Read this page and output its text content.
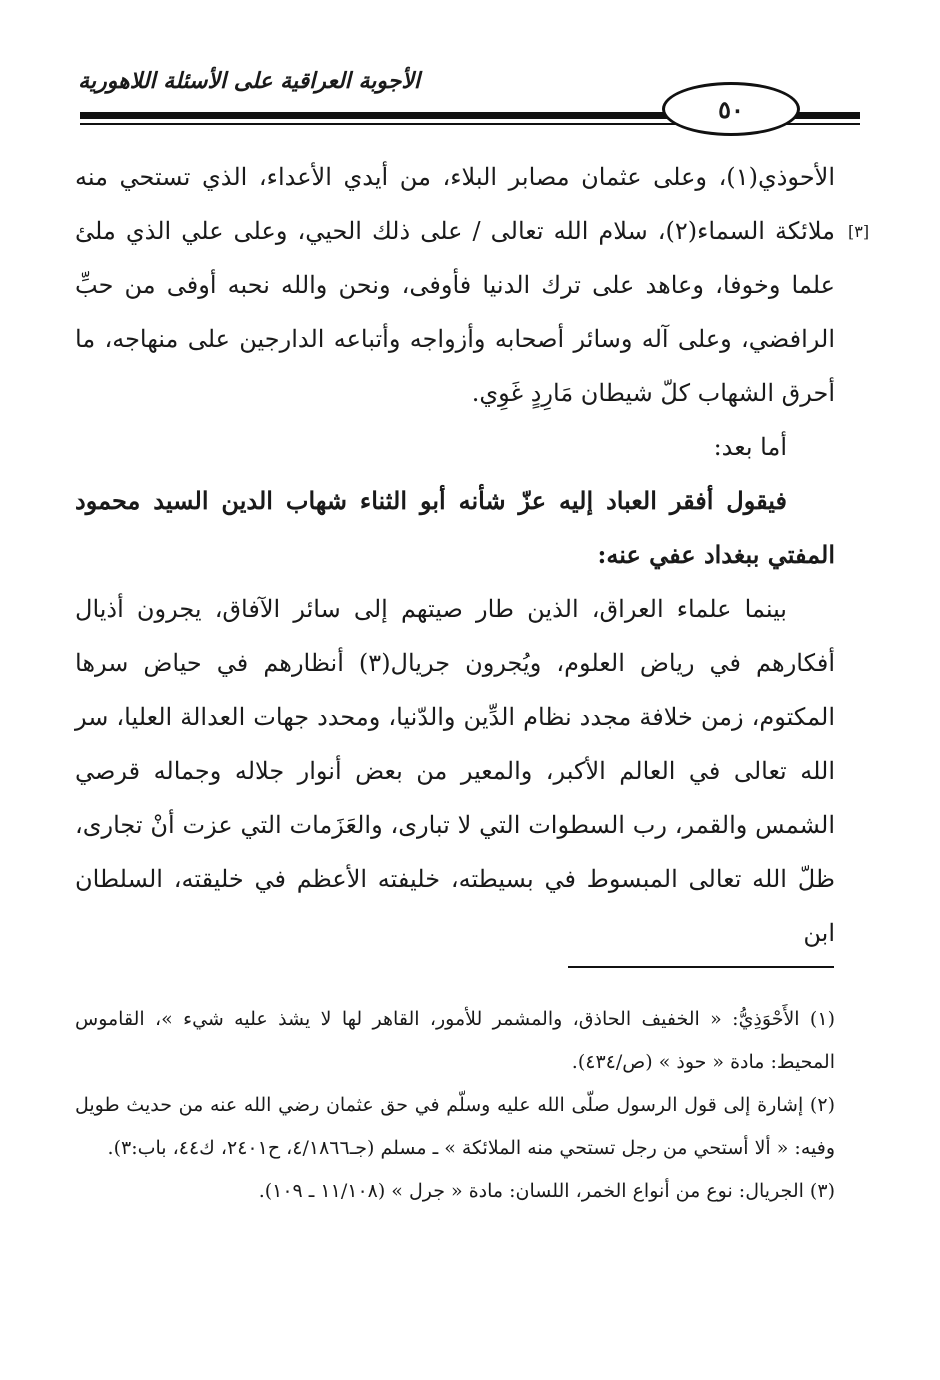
الأجوبة العراقية على الأسئلة اللاهورية
٥٠
[٣]

الأحوذي(١)، وعلى عثمان مصابر البلاء، من أيدي الأعداء، الذي تستحي منه ملائكة السماء(٢)، سلام الله تعالى / على ذلك الحيي، وعلى علي الذي ملئ علما وخوفا، وعاهد على ترك الدنيا فأوفى، ونحن والله نحبه أوفى من حبِّ الرافضي، وعلى آله وسائر أصحابه وأزواجه وأتباعه الدارجين على منهاجه، ما أحرق الشهاب كلّ شيطان مَارِدٍ غَوِي.

أما بعد:

فيقول أفقر العباد إليه عزّ شأنه أبو الثناء شهاب الدين السيد محمود المفتي ببغداد عفي عنه:

بينما علماء العراق، الذين طار صيتهم إلى سائر الآفاق، يجرون أذيال أفكارهم في رياض العلوم، ويُجرون جريال(٣) أنظارهم في حياض سرها المكتوم، زمن خلافة مجدد نظام الدِّين والدّنيا، ومحدد جهات العدالة العليا، سر الله تعالى في العالم الأكبر، والمعير من بعض أنوار جلاله وجماله قرصي الشمس والقمر، رب السطوات التي لا تبارى، والعَزَمات التي عزت أنْ تجارى، ظلّ الله تعالى المبسوط في بسيطته، خليفته الأعظم في خليقته، السلطان ابن

(١) الأَحْوَذِيُّ: « الخفيف الحاذق، والمشمر للأمور، القاهر لها لا يشذ عليه شيء »، القاموس المحيط: مادة « حوذ » (ص/٤٣٤).

(٢) إشارة إلى قول الرسول صلّى الله عليه وسلّم في حق عثمان رضي الله عنه من حديث طويل وفيه: « ألا أستحي من رجل تستحي منه الملائكة » ـ مسلم (جـ٤/١٨٦٦، ح٢٤٠١، ك٤٤، باب:٣).

(٣) الجريال: نوع من أنواع الخمر، اللسان: مادة « جرل » (١١/١٠٨ ـ ١٠٩).
